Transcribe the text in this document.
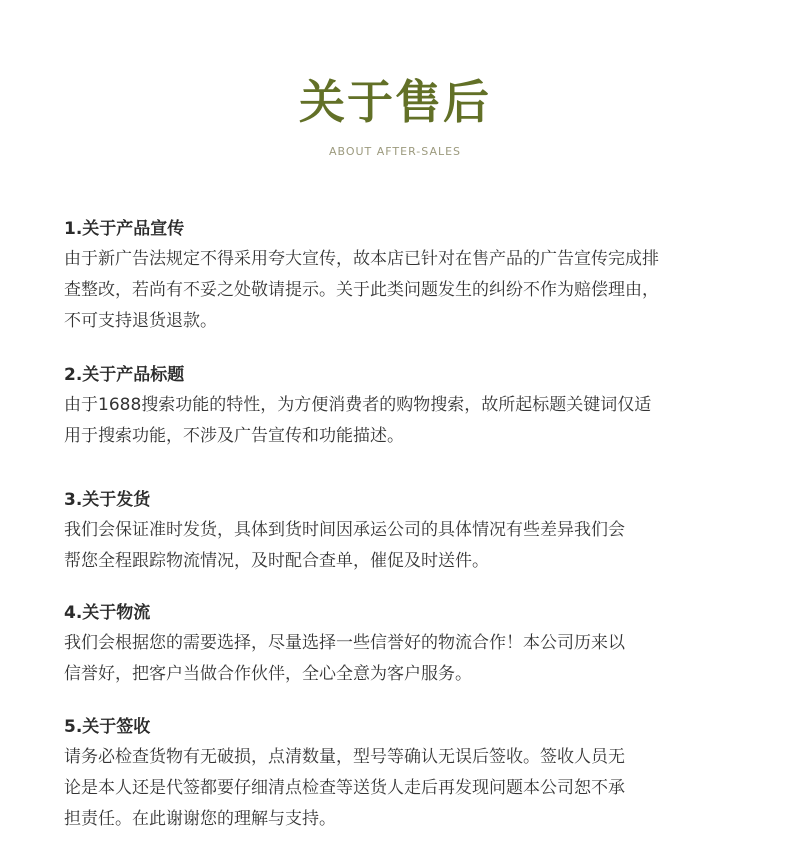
关于售后
ABOUT AFTER-SALES
1.关于产品宣传

由于新广告法规定不得采用夸大宣传，故本店已针对在售产品的广告宣传完成排
查整改，若尚有不妥之处敬请提示。关于此类问题发生的纠纷不作为赔偿理由，
不可支持退货退款。

2.关于产品标题

由于1688搜索功能的特性，为方便消费者的购物搜索，故所起标题关键词仅适
用于搜索功能，不涉及广告宣传和功能描述。

3.关于发货

我们会保证准时发货，具体到货时间因承运公司的具体情况有些差异我们会
帮您全程跟踪物流情况，及时配合查单，催促及时送件。

4.关于物流

我们会根据您的需要选择，尽量选择一些信誉好的物流合作！本公司历来以
信誉好，把客户当做合作伙伴，全心全意为客户服务。

5.关于签收

请务必检查货物有无破损，点清数量，型号等确认无误后签收。签收人员无
论是本人还是代签都要仔细清点检查等送货人走后再发现问题本公司恕不承
担责任。在此谢谢您的理解与支持。
